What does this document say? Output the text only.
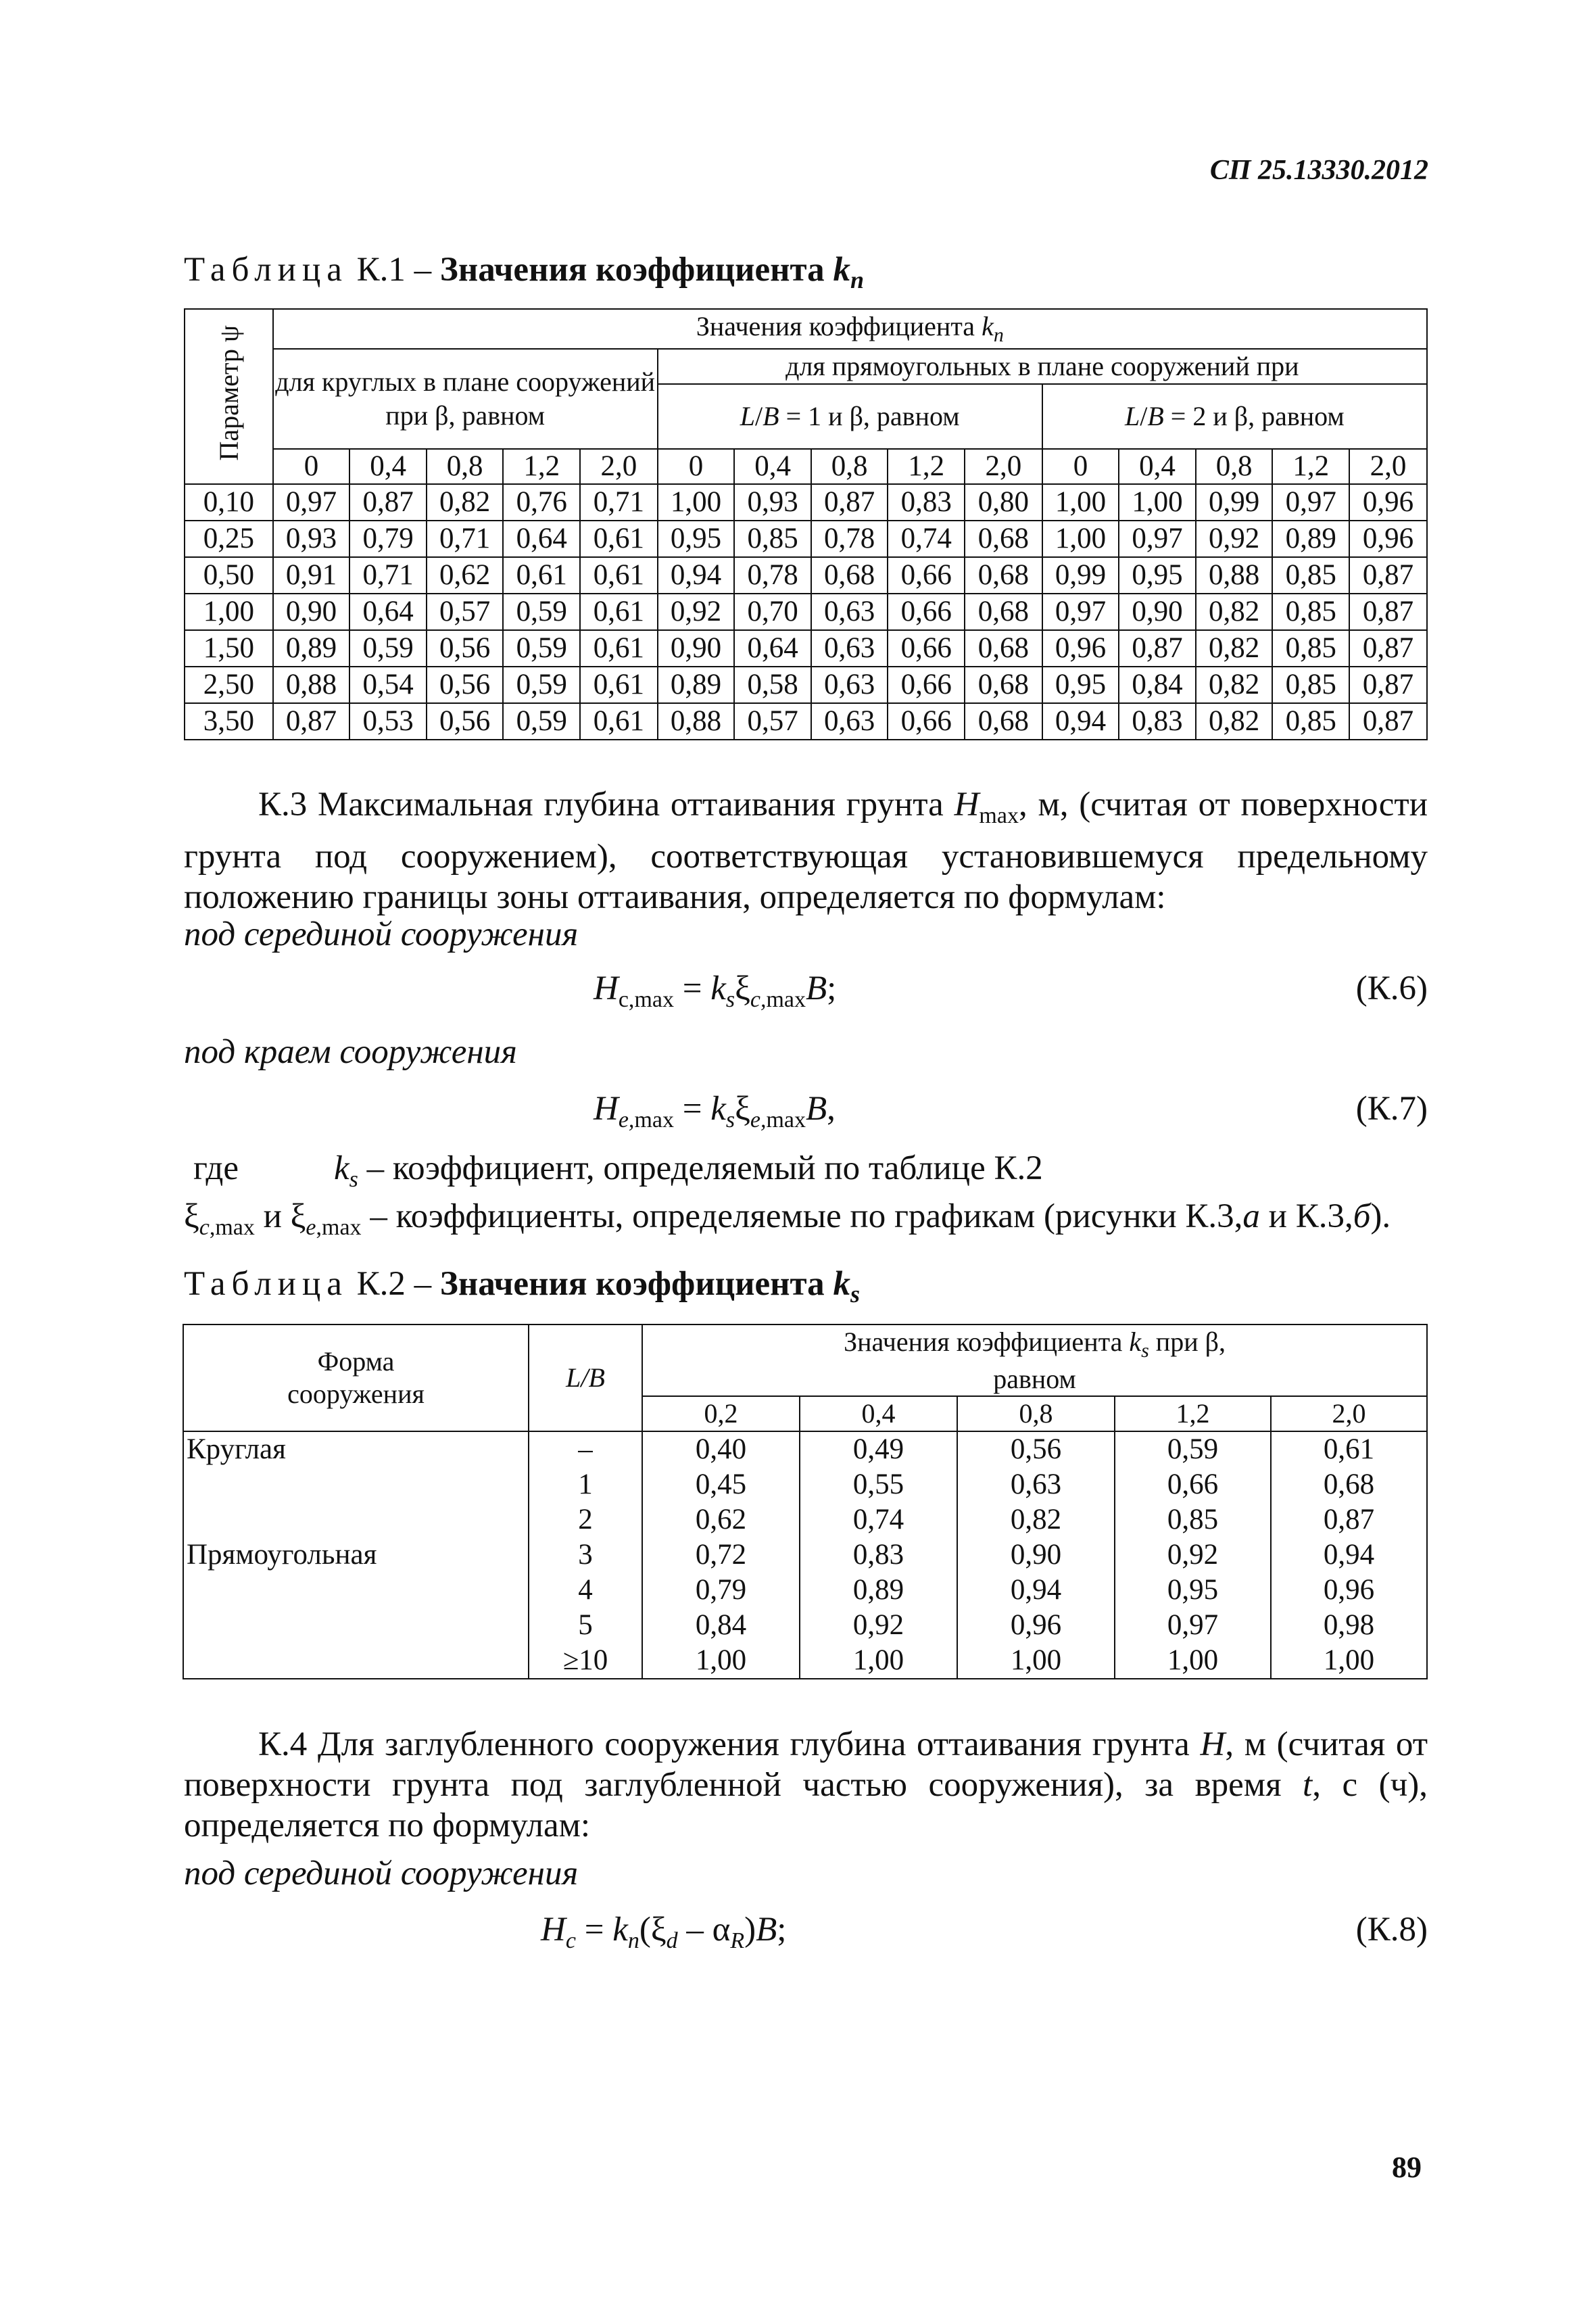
СП 25.13330.2012
Таблица К.1 – Значения коэффициента $k_n$
Параметр ψ	Значения коэффициента $k_n$
	для круглых в плане сооружений при β, равном					для прямоугольных в плане сооружений при									
						L/B = 1 и β, равном					L/B = 2 и β, равном				
	0	0,4	0,8	1,2	2,0	0	0,4	0,8	1,2	2,0	0	0,4	0,8	1,2	2,0
0,10	0,97	0,87	0,82	0,76	0,71	1,00	0,93	0,87	0,83	0,80	1,00	1,00	0,99	0,97	0,96
0,25	0,93	0,79	0,71	0,64	0,61	0,95	0,85	0,78	0,74	0,68	1,00	0,97	0,92	0,89	0,96
0,50	0,91	0,71	0,62	0,61	0,61	0,94	0,78	0,68	0,66	0,68	0,99	0,95	0,88	0,85	0,87
1,00	0,90	0,64	0,57	0,59	0,61	0,92	0,70	0,63	0,66	0,68	0,97	0,90	0,82	0,85	0,87
1,50	0,89	0,59	0,56	0,59	0,61	0,90	0,64	0,63	0,66	0,68	0,96	0,87	0,82	0,85	0,87
2,50	0,88	0,54	0,56	0,59	0,61	0,89	0,58	0,63	0,66	0,68	0,95	0,84	0,82	0,85	0,87
3,50	0,87	0,53	0,56	0,59	0,61	0,88	0,57	0,63	0,66	0,68	0,94	0,83	0,82	0,85	0,87
К.3 Максимальная глубина оттаивания грунта $H_{max}$, м, (считая от поверхности грунта под сооружением), соответствующая установившемуся предельному положению границы зоны оттаивания, определяется по формулам:
под серединой сооружения
$H_{c,max} = k_s\xi_{c,max}B$;	(К.6)
под краем сооружения
$H_{e,max} = k_s\xi_{e,max}B$,	(К.7)
где	$k_s$ – коэффициент, определяемый по таблице К.2
$\xi_{c,max}$ и $\xi_{e,max}$ – коэффициенты, определяемые по графикам (рисунки К.3,а и К.3,б).
Таблица К.2 – Значения коэффициента $k_s$
Форма сооружения	L/B	Значения коэффициента $k_s$ при β, равном				
		0,2	0,4	0,8	1,2	2,0
Круглая	–	0,40	0,49	0,56	0,59	0,61
	1	0,45	0,55	0,63	0,66	0,68
	2	0,62	0,74	0,82	0,85	0,87
Прямоугольная	3	0,72	0,83	0,90	0,92	0,94
	4	0,79	0,89	0,94	0,95	0,96
	5	0,84	0,92	0,96	0,97	0,98
	≥10	1,00	1,00	1,00	1,00	1,00
К.4 Для заглубленного сооружения глубина оттаивания грунта H, м (считая от поверхности грунта под заглубленной частью сооружения), за время t, с (ч), определяется по формулам:
под серединой сооружения
$H_c = k_n(\xi_d - \alpha_R)B$;	(К.8)
89
